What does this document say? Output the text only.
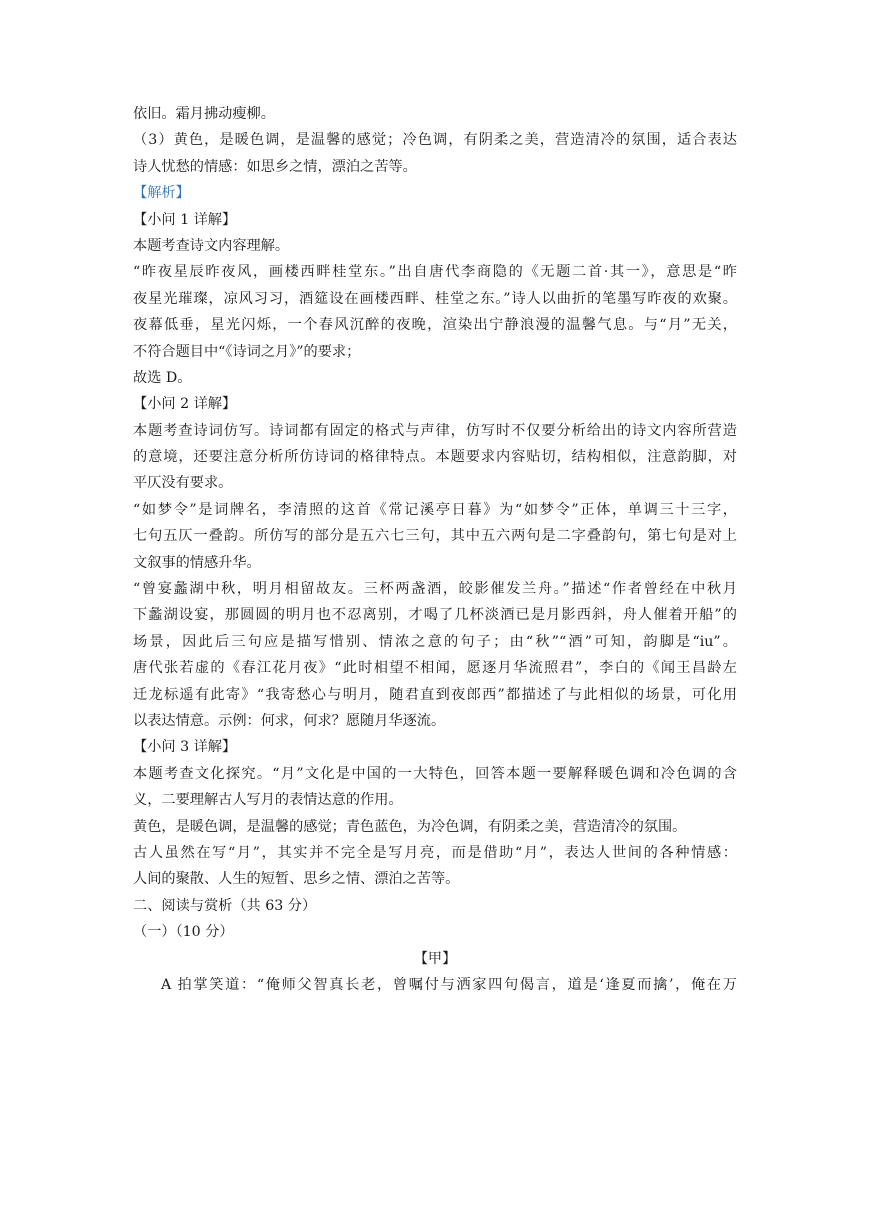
依旧。霜月拂动瘦柳。
（3）黄色，是暖色调，是温馨的感觉；冷色调，有阴柔之美，营造清冷的氛围，适合表达
诗人忧愁的情感：如思乡之情，漂泊之苦等。
【解析】
【小问 1 详解】
本题考查诗文内容理解。
“昨夜星辰昨夜风，画楼西畔桂堂东。”出自唐代李商隐的《无题二首·其一》，意思是“昨
夜星光璀璨，凉风习习，酒筵设在画楼西畔、桂堂之东。”诗人以曲折的笔墨写昨夜的欢聚。
夜幕低垂，星光闪烁，一个春风沉醉的夜晚，渲染出宁静浪漫的温馨气息。与“月”无关，
不符合题目中“《诗词之月》”的要求；
故选 D。
【小问 2 详解】
本题考查诗词仿写。诗词都有固定的格式与声律，仿写时不仅要分析给出的诗文内容所营造
的意境，还要注意分析所仿诗词的格律特点。本题要求内容贴切，结构相似，注意韵脚，对
平仄没有要求。
“如梦令”是词牌名，李清照的这首《常记溪亭日暮》为“如梦令”正体，单调三十三字，
七句五仄一叠韵。所仿写的部分是五六七三句，其中五六两句是二字叠韵句，第七句是对上
文叙事的情感升华。
“曾宴蠡湖中秋，明月相留故友。三杯两盏酒，皎影催发兰舟。”描述“作者曾经在中秋月
下蠡湖设宴，那圆圆的明月也不忍离别，才喝了几杯淡酒已是月影西斜，舟人催着开船”的
场景，因此后三句应是描写惜别、情浓之意的句子；由“秋”“酒”可知，韵脚是“iu”。
唐代张若虚的《春江花月夜》“此时相望不相闻，愿逐月华流照君”，李白的《闻王昌龄左
迁龙标遥有此寄》“我寄愁心与明月，随君直到夜郎西”都描述了与此相似的场景，可化用
以表达情意。示例：何求，何求？愿随月华逐流。
【小问 3 详解】
本题考查文化探究。“月”文化是中国的一大特色，回答本题一要解释暖色调和冷色调的含
义，二要理解古人写月的表情达意的作用。
黄色，是暖色调，是温馨的感觉；青色蓝色，为冷色调，有阴柔之美，营造清冷的氛围。
古人虽然在写“月”，其实并不完全是写月亮，而是借助“月”，表达人世间的各种情感：
人间的聚散、人生的短暂、思乡之情、漂泊之苦等。
二、阅读与赏析（共 63 分）
（一）（10 分）
【甲】
A 拍掌笑道：“俺师父智真长老，曾嘱付与洒家四句偈言，道是‘逢夏而擒’，俺在万
